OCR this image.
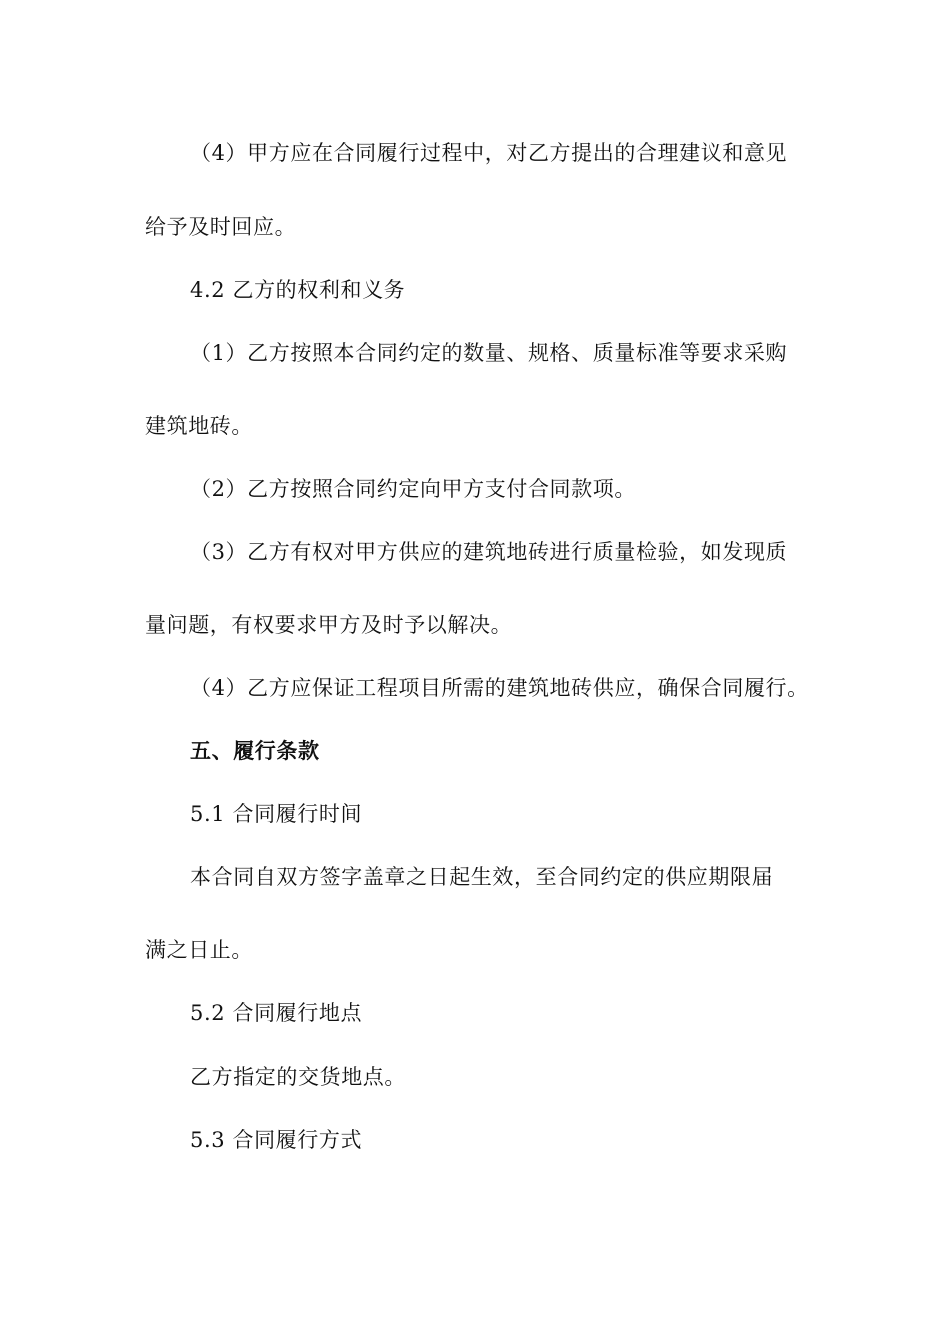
（4）甲方应在合同履行过程中，对乙方提出的合理建议和意见
给予及时回应。
4.2 乙方的权利和义务
（1）乙方按照本合同约定的数量、规格、质量标准等要求采购
建筑地砖。
（2）乙方按照合同约定向甲方支付合同款项。
（3）乙方有权对甲方供应的建筑地砖进行质量检验，如发现质
量问题，有权要求甲方及时予以解决。
（4）乙方应保证工程项目所需的建筑地砖供应，确保合同履行。
五、履行条款
5.1 合同履行时间
本合同自双方签字盖章之日起生效，至合同约定的供应期限届
满之日止。
5.2 合同履行地点
乙方指定的交货地点。
5.3 合同履行方式
